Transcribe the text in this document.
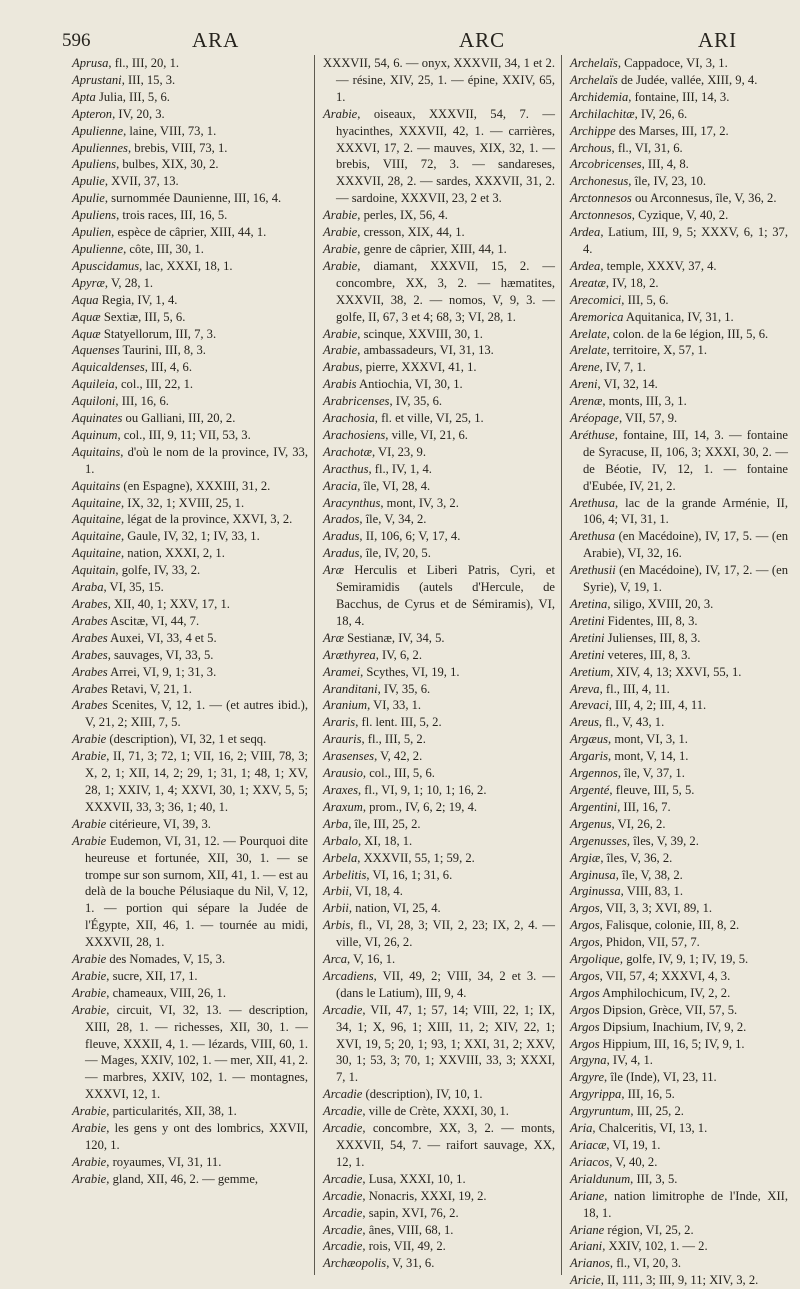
596	ARA	ARC	ARI

Aprusa, fl., III, 20, 1.

Aprustani, III, 15, 3.

Apta Julia, III, 5, 6.

Apteron, IV, 20, 3.

Apulienne, laine, VIII, 73, 1.

Apuliennes, brebis, VIII, 73, 1.

Apuliens, bulbes, XIX, 30, 2.

Apulie, XVII, 37, 13.

Apulie, surnommée Daunienne, III, 16, 4.

Apuliens, trois races, III, 16, 5.

Apulien, espèce de câprier, XIII, 44, 1.

Apulienne, côte, III, 30, 1.

Apuscidamus, lac, XXXI, 18, 1.

Apyræ, V, 28, 1.

Aqua Regia, IV, 1, 4.

Aquæ Sextiæ, III, 5, 6.

Aquæ Statyellorum, III, 7, 3.

Aquenses Taurini, III, 8, 3.

Aquicaldenses, III, 4, 6.

Aquileia, col., III, 22, 1.

Aquiloni, III, 16, 6.

Aquinates ou Galliani, III, 20, 2.

Aquinum, col., III, 9, 11; VII, 53, 3.

Aquitains, d'où le nom de la province, IV, 33, 1.

Aquitains (en Espagne), XXXIII, 31, 2.

Aquitaine, IX, 32, 1; XVIII, 25, 1.

Aquitaine, légat de la province, XXVI, 3, 2.

Aquitaine, Gaule, IV, 32, 1; IV, 33, 1.

Aquitaine, nation, XXXI, 2, 1.

Aquitain, golfe, IV, 33, 2.

Araba, VI, 35, 15.

Arabes, XII, 40, 1; XXV, 17, 1.

Arabes Ascitæ, VI, 44, 7.

Arabes Auxei, VI, 33, 4 et 5.

Arabes, sauvages, VI, 33, 5.

Arabes Arrei, VI, 9, 1; 31, 3.

Arabes Retavi, V, 21, 1.

Arabes Scenites, V, 12, 1. — (et autres ibid.), V, 21, 2; XIII, 7, 5.

Arabie (description), VI, 32, 1 et seqq.

Arabie, II, 71, 3; 72, 1; VII, 16, 2; VIII, 78, 3; X, 2, 1; XII, 14, 2; 29, 1; 31, 1; 48, 1; XV, 28, 1; XXIV, 1, 4; XXVI, 30, 1; XXV, 5, 5; XXXVII, 33, 3; 36, 1; 40, 1.

Arabie citérieure, VI, 39, 3.

Arabie Eudemon, VI, 31, 12. — Pourquoi dite heureuse et fortunée, XII, 30, 1. — se trompe sur son surnom, XII, 41, 1. — est au delà de la bouche Pélusiaque du Nil, V, 12, 1. — portion qui sépare la Judée de l'Égypte, XII, 46, 1. — tournée au midi, XXXVII, 28, 1.

Arabie des Nomades, V, 15, 3.

Arabie, sucre, XII, 17, 1.

Arabie, chameaux, VIII, 26, 1.

Arabie, circuit, VI, 32, 13. — description, XIII, 28, 1. — richesses, XII, 30, 1. — fleuve, XXXII, 4, 1. — lézards, VIII, 60, 1. — Mages, XXIV, 102, 1. — mer, XII, 41, 2. — marbres, XXIV, 102, 1. — montagnes, XXXVI, 12, 1.

Arabie, particularités, XII, 38, 1.

Arabie, les gens y ont des lombrics, XXVII, 120, 1.

Arabie, royaumes, VI, 31, 11.

Arabie, gland, XII, 46, 2. — gemme,

XXXVII, 54, 6. — onyx, XXXVII, 34, 1 et 2. — résine, XIV, 25, 1. — épine, XXIV, 65, 1.

Arabie, oiseaux, XXXVII, 54, 7. — hyacinthes, XXXVII, 42, 1. — carrières, XXXVI, 17, 2. — mauves, XIX, 32, 1. — brebis, VIII, 72, 3. — sandareses, XXXVII, 28, 2. — sardes, XXXVII, 31, 2. — sardoine, XXXVII, 23, 2 et 3.

Arabie, perles, IX, 56, 4.

Arabie, cresson, XIX, 44, 1.

Arabie, genre de câprier, XIII, 44, 1.

Arabie, diamant, XXXVII, 15, 2. — concombre, XX, 3, 2. — hæmatites, XXXVII, 38, 2. — nomos, V, 9, 3. — golfe, II, 67, 3 et 4; 68, 3; VI, 28, 1.

Arabie, scinque, XXVIII, 30, 1.

Arabie, ambassadeurs, VI, 31, 13.

Arabus, pierre, XXXVI, 41, 1.

Arabis Antiochia, VI, 30, 1.

Arabricenses, IV, 35, 6.

Arachosia, fl. et ville, VI, 25, 1.

Arachosiens, ville, VI, 21, 6.

Arachotæ, VI, 23, 9.

Aracthus, fl., IV, 1, 4.

Aracia, île, VI, 28, 4.

Aracynthus, mont, IV, 3, 2.

Arados, île, V, 34, 2.

Aradus, II, 106, 6; V, 17, 4.

Aradus, île, IV, 20, 5.

Aræ Herculis et Liberi Patris, Cyri, et Semiramidis (autels d'Hercule, de Bacchus, de Cyrus et de Sémiramis), VI, 18, 4.

Aræ Sestianæ, IV, 34, 5.

Aræthyrea, IV, 6, 2.

Aramei, Scythes, VI, 19, 1.

Aranditani, IV, 35, 6.

Aranium, VI, 33, 1.

Araris, fl. lent. III, 5, 2.

Arauris, fl., III, 5, 2.

Arasenses, V, 42, 2.

Arausio, col., III, 5, 6.

Araxes, fl., VI, 9, 1; 10, 1; 16, 2.

Araxum, prom., IV, 6, 2; 19, 4.

Arba, île, III, 25, 2.

Arbalo, XI, 18, 1.

Arbela, XXXVII, 55, 1; 59, 2.

Arbelitis, VI, 16, 1; 31, 6.

Arbii, VI, 18, 4.

Arbii, nation, VI, 25, 4.

Arbis, fl., VI, 28, 3; VII, 2, 23; IX, 2, 4. — ville, VI, 26, 2.

Arca, V, 16, 1.

Arcadiens, VII, 49, 2; VIII, 34, 2 et 3. — (dans le Latium), III, 9, 4.

Arcadie, VII, 47, 1; 57, 14; VIII, 22, 1; IX, 34, 1; X, 96, 1; XIII, 11, 2; XIV, 22, 1; XVI, 19, 5; 20, 1; 93, 1; XXI, 31, 2; XXV, 30, 1; 53, 3; 70, 1; XXVIII, 33, 3; XXXI, 7, 1.

Arcadie (description), IV, 10, 1.

Arcadie, ville de Crète, XXXI, 30, 1.

Arcadie, concombre, XX, 3, 2. — monts, XXXVII, 54, 7. — raifort sauvage, XX, 12, 1.

Arcadie, Lusa, XXXI, 10, 1.

Arcadie, Nonacris, XXXI, 19, 2.

Arcadie, sapin, XVI, 76, 2.

Arcadie, ânes, VIII, 68, 1.

Arcadie, rois, VII, 49, 2.

Archæopolis, V, 31, 6.

Archelaïs, Cappadoce, VI, 3, 1.

Archelaïs de Judée, vallée, XIII, 9, 4.

Archidemia, fontaine, III, 14, 3.

Archilachitæ, IV, 26, 6.

Archippe des Marses, III, 17, 2.

Archous, fl., VI, 31, 6.

Arcobricenses, III, 4, 8.

Archonesus, île, IV, 23, 10.

Arctonnesos ou Arconnesus, île, V, 36, 2.

Arctonnesos, Cyzique, V, 40, 2.

Ardea, Latium, III, 9, 5; XXXV, 6, 1; 37, 4.

Ardea, temple, XXXV, 37, 4.

Areatæ, IV, 18, 2.

Arecomici, III, 5, 6.

Aremorica Aquitanica, IV, 31, 1.

Arelate, colon. de la 6e légion, III, 5, 6.

Arelate, territoire, X, 57, 1.

Arene, IV, 7, 1.

Areni, VI, 32, 14.

Arenæ, monts, III, 3, 1.

Aréopage, VII, 57, 9.

Aréthuse, fontaine, III, 14, 3. — fontaine de Syracuse, II, 106, 3; XXXI, 30, 2. — de Béotie, IV, 12, 1. — fontaine d'Eubée, IV, 21, 2.

Arethusa, lac de la grande Arménie, II, 106, 4; VI, 31, 1.

Arethusa (en Macédoine), IV, 17, 5. — (en Arabie), VI, 32, 16.

Arethusii (en Macédoine), IV, 17, 2. — (en Syrie), V, 19, 1.

Aretina, siligo, XVIII, 20, 3.

Aretini Fidentes, III, 8, 3.

Aretini Julienses, III, 8, 3.

Aretini veteres, III, 8, 3.

Aretium, XIV, 4, 13; XXVI, 55, 1.

Areva, fl., III, 4, 11.

Arevaci, III, 4, 2; III, 4, 11.

Areus, fl., V, 43, 1.

Argæus, mont, VI, 3, 1.

Argaris, mont, V, 14, 1.

Argennos, île, V, 37, 1.

Argenté, fleuve, III, 5, 5.

Argentini, III, 16, 7.

Argenus, VI, 26, 2.

Argenusses, îles, V, 39, 2.

Argiæ, îles, V, 36, 2.

Arginusa, île, V, 38, 2.

Arginussa, VIII, 83, 1.

Argos, VII, 3, 3; XVI, 89, 1.

Argos, Falisque, colonie, III, 8, 2.

Argos, Phidon, VII, 57, 7.

Argolique, golfe, IV, 9, 1; IV, 19, 5.

Argos, VII, 57, 4; XXXVI, 4, 3.

Argos Amphilochicum, IV, 2, 2.

Argos Dipsion, Grèce, VII, 57, 5.

Argos Dipsium, Inachium, IV, 9, 2.

Argos Hippium, III, 16, 5; IV, 9, 1.

Argyna, IV, 4, 1.

Argyre, île (Inde), VI, 23, 11.

Argyrippa, III, 16, 5.

Argyruntum, III, 25, 2.

Aria, Chalceritis, VI, 13, 1.

Ariacæ, VI, 19, 1.

Ariacos, V, 40, 2.

Arialdunum, III, 3, 5.

Ariane, nation limitrophe de l'Inde, XII, 18, 1.

Ariane région, VI, 25, 2.

Ariani, XXIV, 102, 1. — 2.

Arianos, fl., VI, 20, 3.

Aricie, II, 111, 3; III, 9, 11; XIV, 3, 2.
